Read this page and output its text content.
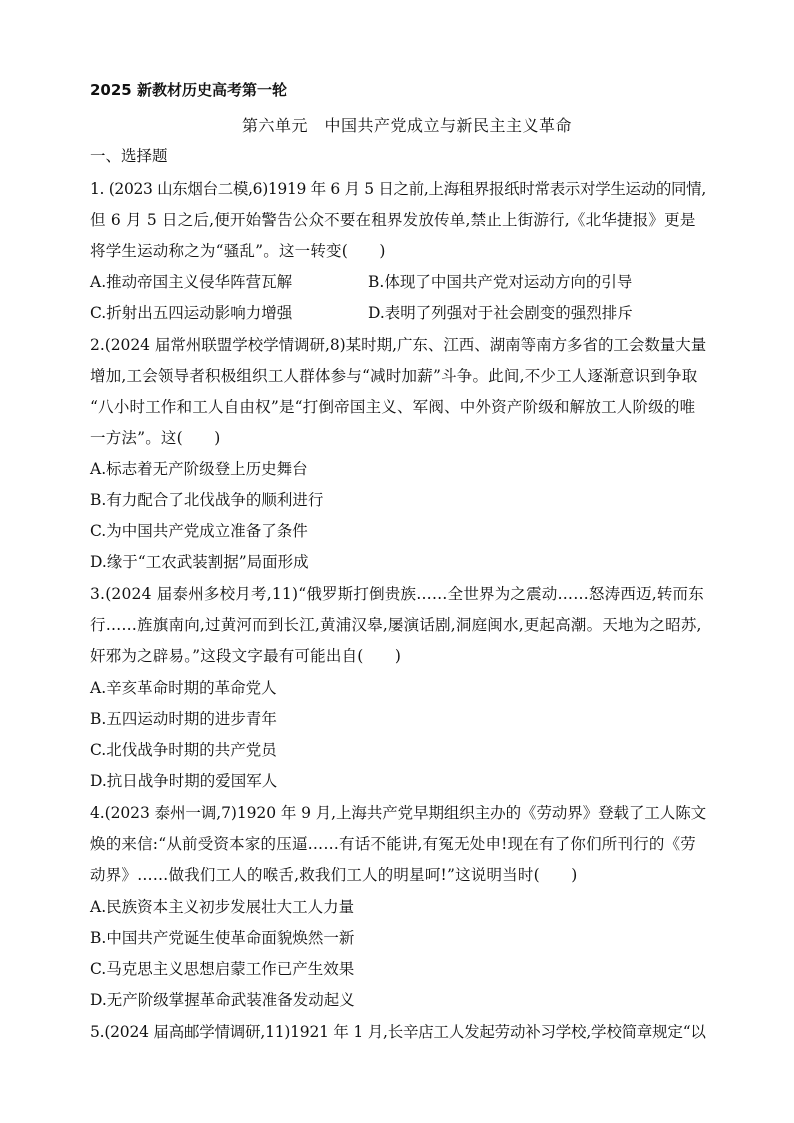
2025 新教材历史高考第一轮
第六单元　中国共产党成立与新民主主义革命
一、选择题
1. (2023 山东烟台二模,6)1919 年 6 月 5 日之前,上海租界报纸时常表示对学生运动的同情,
但 6 月 5 日之后,便开始警告公众不要在租界发放传单,禁止上街游行,《北华捷报》更是
将学生运动称之为“骚乱”。这一转变(　　)
A.推动帝国主义侵华阵营瓦解	B.体现了中国共产党对运动方向的引导
C.折射出五四运动影响力增强	D.表明了列强对于社会剧变的强烈排斥
2.(2024 届常州联盟学校学情调研,8)某时期,广东、江西、湖南等南方多省的工会数量大量
增加,工会领导者积极组织工人群体参与“减时加薪”斗争。此间,不少工人逐渐意识到争取
“八小时工作和工人自由权”是“打倒帝国主义、军阀、中外资产阶级和解放工人阶级的唯
一方法”。这(　　)
A.标志着无产阶级登上历史舞台
B.有力配合了北伐战争的顺利进行
C.为中国共产党成立准备了条件
D.缘于“工农武装割据”局面形成
3.(2024 届泰州多校月考,11)“俄罗斯打倒贵族……全世界为之震动……怒涛西迈,转而东
行……旌旗南向,过黄河而到长江,黄浦汉皋,屡演话剧,洞庭闽水,更起高潮。天地为之昭苏,
奸邪为之辟易。”这段文字最有可能出自(　　)
A.辛亥革命时期的革命党人
B.五四运动时期的进步青年
C.北伐战争时期的共产党员
D.抗日战争时期的爱国军人
4.(2023 泰州一调,7)1920 年 9 月,上海共产党早期组织主办的《劳动界》登载了工人陈文
焕的来信:“从前受资本家的压逼……有话不能讲,有冤无处申!现在有了你们所刊行的《劳
动界》……做我们工人的喉舌,救我们工人的明星呵!”这说明当时(　　)
A.民族资本主义初步发展壮大工人力量
B.中国共产党诞生使革命面貌焕然一新
C.马克思主义思想启蒙工作已产生效果
D.无产阶级掌握革命武装准备发动起义
5.(2024 届高邮学情调研,11)1921 年 1 月,长辛店工人发起劳动补习学校,学校简章规定“以
